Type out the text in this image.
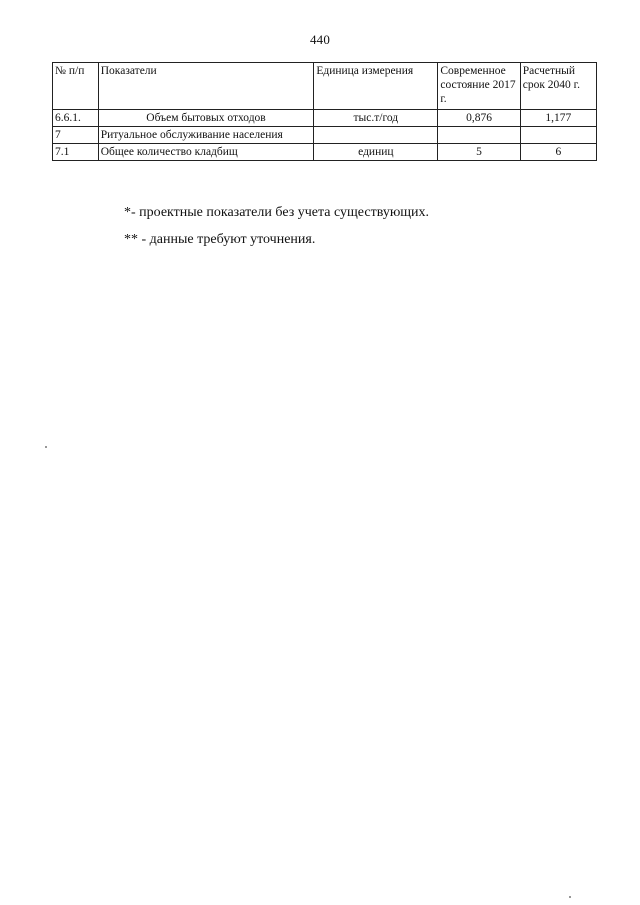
440
№ п/п	Показатели	Единица измерения	Современное состояние 2017 г.	Расчетный срок 2040 г.
6.6.1.	Объем бытовых отходов	тыс.т/год	0,876	1,177
7	Ритуальное обслуживание населения			
7.1	Общее количество кладбищ	единиц	5	6

*- проектные показатели без учета существующих.

** - данные требуют уточнения.
